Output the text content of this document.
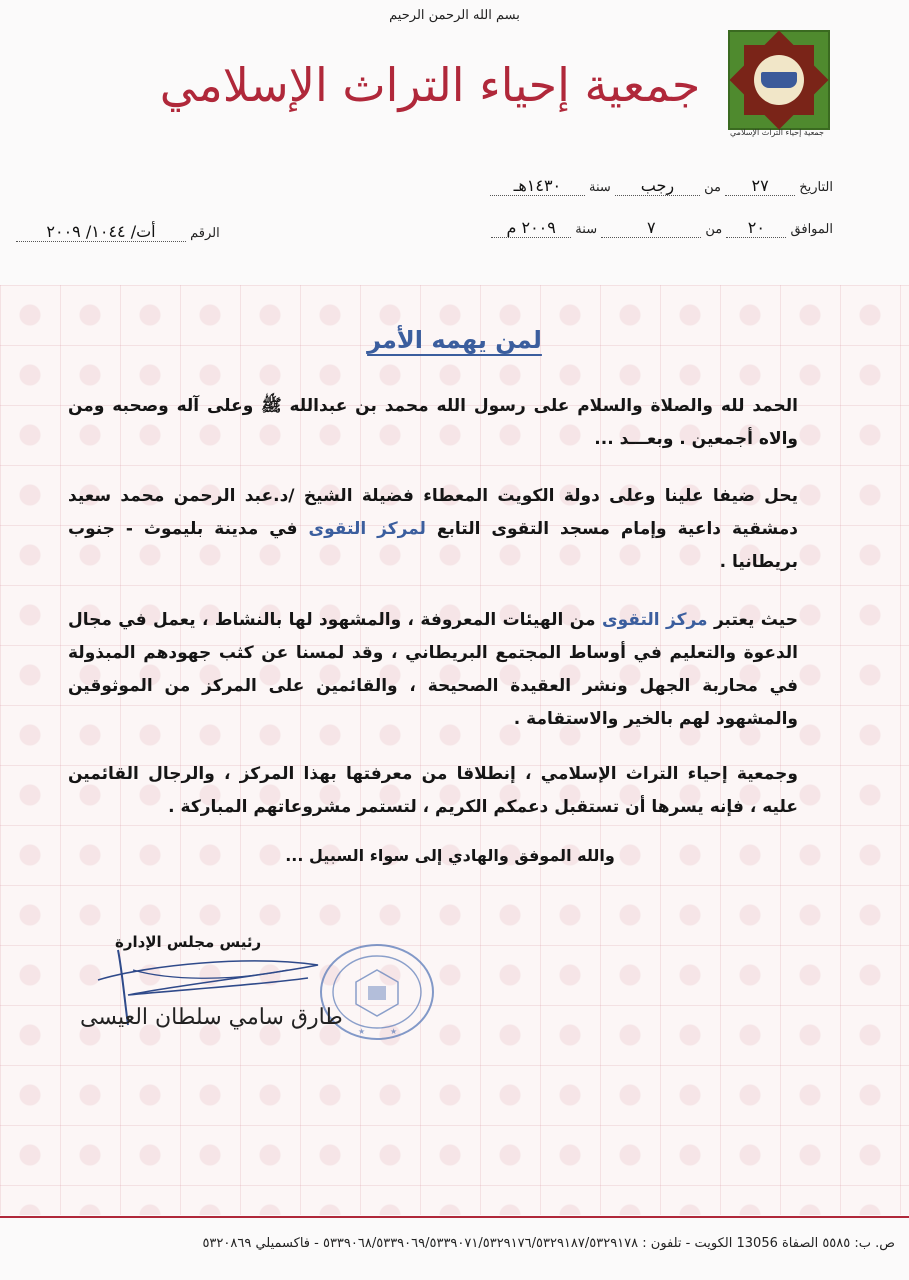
بسم الله الرحمن الرحيم
جمعية إحياء التراث الإسلامي
جمعية إحياء التراث الإسلامي
التاريخ ٢٧ من رجب سنة ١٤٣٠هـ
الموافق ٢٠ من ٧ سنة ٢٠٠٩ م
الرقم أت/ ١٠٤٤/ ٢٠٠٩
لمن يهمه الأمر
الحمد لله والصلاة والسلام على رسول الله محمد بن عبدالله ﷺ وعلى آله وصحبه ومن والاه أجمعين . وبعـــد ...
يحل ضيفا علينا وعلى دولة الكويت المعطاء فضيلة الشيخ /د.عبد الرحمن محمد سعيد دمشقية داعية وإمام مسجد التقوى التابع لمركز التقوى في مدينة بليموث - جنوب بريطانيا .
حيث يعتبر مركز التقوى من الهيئات المعروفة ، والمشهود لها بالنشاط ، يعمل في مجال الدعوة والتعليم في أوساط المجتمع البريطاني ، وقد لمسنا عن كثب جهودهم المبذولة في محاربة الجهل ونشر العقيدة الصحيحة ، والقائمين على المركز من الموثوقين والمشهود لهم بالخير والاستقامة .
وجمعية إحياء التراث الإسلامي ، إنطلاقا من معرفتها بهذا المركز ، والرجال القائمين عليه ، فإنه يسرها أن تستقبل دعمكم الكريم ، لتستمر مشروعاتهم المباركة .
والله الموفق والهادي إلى سواء السبيل ...
رئيس مجلس الإدارة
★	★
طارق سامي سلطان العيسى
ص. ب: ٥٥٨٥ الصفاة 13056 الكويت - تلفون : ٥٣٣٩٠٦٨/٥٣٣٩٠٦٩/٥٣٣٩٠٧١/٥٣٢٩١٧٦/٥٣٢٩١٨٧/٥٣٢٩١٧٨ - فاكسميلي ٥٣٢٠٨٦٩
